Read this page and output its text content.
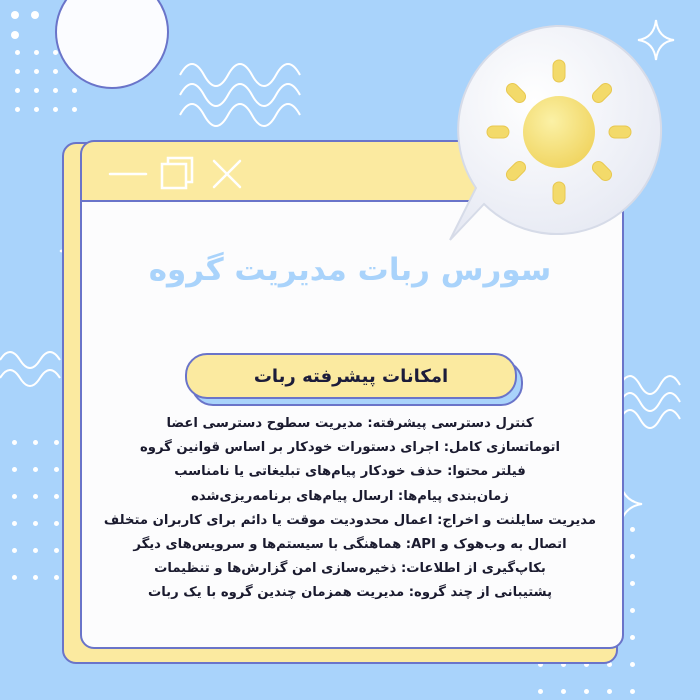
سورس ربات مدیریت گروه
امکانات پیشرفته ربات
کنترل دسترسی پیشرفته: مدیریت سطوح دسترسی اعضا
اتوماتسازی کامل: اجرای دستورات خودکار بر اساس قوانین گروه
فیلتر محتوا: حذف خودکار پیام‌های تبلیغاتی یا نامناسب
زمان‌بندی پیام‌ها: ارسال پیام‌های برنامه‌ریزی‌شده
مدیریت سایلنت و اخراج: اعمال محدودیت موقت یا دائم برای کاربران متخلف
اتصال به وب‌هوک و API: هماهنگی با سیستم‌ها و سرویس‌های دیگر
بکاپ‌گیری از اطلاعات: ذخیره‌سازی امن گزارش‌ها و تنظیمات
پشتیبانی از چند گروه: مدیریت همزمان چندین گروه با یک ربات
